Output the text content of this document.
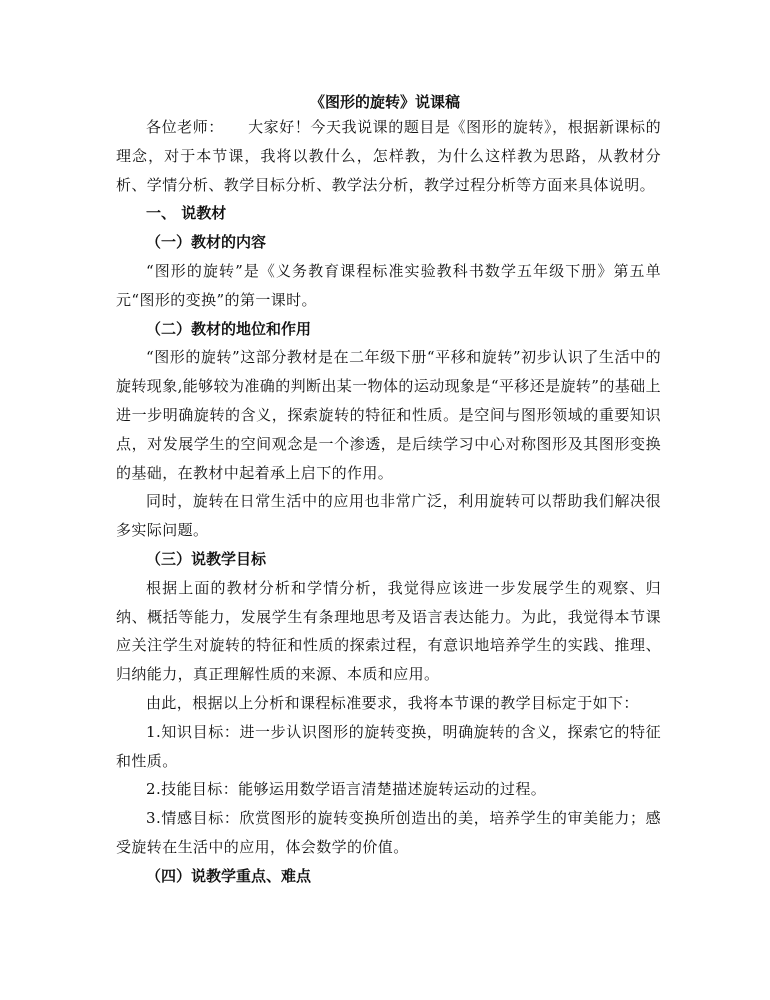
《图形的旋转》说课稿

各位老师： 大家好！今天我说课的题目是《图形的旋转》，根据新课标的理念，对于本节课，我将以教什么，怎样教，为什么这样教为思路，从教材分析、学情分析、教学目标分析、教学法分析，教学过程分析等方面来具体说明。

一、 说教材
（一）教材的内容

“图形的旋转”是《义务教育课程标准实验教科书数学五年级下册》第五单元“图形的变换”的第一课时。

（二）教材的地位和作用

“图形的旋转”这部分教材是在二年级下册“平移和旋转”初步认识了生活中的旋转现象,能够较为准确的判断出某一物体的运动现象是“平移还是旋转”的基础上进一步明确旋转的含义，探索旋转的特征和性质。是空间与图形领域的重要知识点，对发展学生的空间观念是一个渗透，是后续学习中心对称图形及其图形变换的基础，在教材中起着承上启下的作用。

同时，旋转在日常生活中的应用也非常广泛，利用旋转可以帮助我们解决很多实际问题。

（三）说教学目标

根据上面的教材分析和学情分析，我觉得应该进一步发展学生的观察、归纳、概括等能力，发展学生有条理地思考及语言表达能力。为此，我觉得本节课应关注学生对旋转的特征和性质的探索过程，有意识地培养学生的实践、推理、归纳能力，真正理解性质的来源、本质和应用。

由此，根据以上分析和课程标准要求，我将本节课的教学目标定于如下：

1.知识目标：进一步认识图形的旋转变换，明确旋转的含义，探索它的特征和性质。

2.技能目标：能够运用数学语言清楚描述旋转运动的过程。

3.情感目标：欣赏图形的旋转变换所创造出的美，培养学生的审美能力；感受旋转在生活中的应用，体会数学的价值。

（四）说教学重点、难点
